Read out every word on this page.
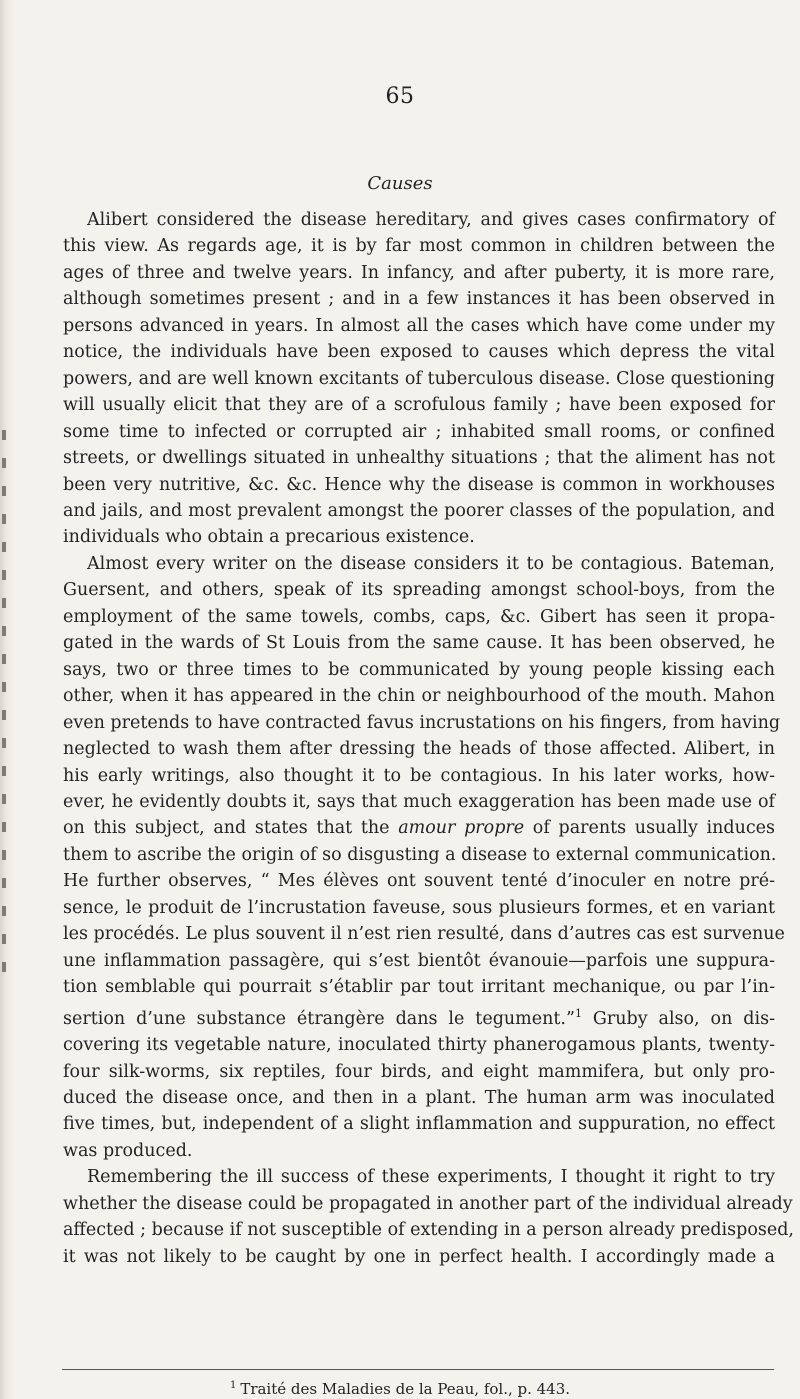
65
Causes
Alibert considered the disease hereditary, and gives cases confirmatory of
this view. As regards age, it is by far most common in children between the
ages of three and twelve years. In infancy, and after puberty, it is more rare,
although sometimes present ; and in a few instances it has been observed in
persons advanced in years. In almost all the cases which have come under my
notice, the individuals have been exposed to causes which depress the vital
powers, and are well known excitants of tuberculous disease. Close questioning
will usually elicit that they are of a scrofulous family ; have been exposed for
some time to infected or corrupted air ; inhabited small rooms, or confined
streets, or dwellings situated in unhealthy situations ; that the aliment has not
been very nutritive, &c. &c. Hence why the disease is common in workhouses
and jails, and most prevalent amongst the poorer classes of the population, and
individuals who obtain a precarious existence.
Almost every writer on the disease considers it to be contagious. Bateman,
Guersent, and others, speak of its spreading amongst school-boys, from the
employment of the same towels, combs, caps, &c. Gibert has seen it propa-
gated in the wards of St Louis from the same cause. It has been observed, he
says, two or three times to be communicated by young people kissing each
other, when it has appeared in the chin or neighbourhood of the mouth. Mahon
even pretends to have contracted favus incrustations on his fingers, from having
neglected to wash them after dressing the heads of those affected. Alibert, in
his early writings, also thought it to be contagious. In his later works, how-
ever, he evidently doubts it, says that much exaggeration has been made use of
on this subject, and states that the amour propre of parents usually induces
them to ascribe the origin of so disgusting a disease to external communication.
He further observes, “ Mes élèves ont souvent tenté d’inoculer en notre pré-
sence, le produit de l’incrustation faveuse, sous plusieurs formes, et en variant
les procédés. Le plus souvent il n’est rien resulté, dans d’autres cas est survenue
une inflammation passagère, qui s’est bientôt évanouie—parfois une suppura-
tion semblable qui pourrait s’établir par tout irritant mechanique, ou par l’in-
sertion d’une substance étrangère dans le tegument.”$^1$ Gruby also, on dis-
covering its vegetable nature, inoculated thirty phanerogamous plants, twenty-
four silk-worms, six reptiles, four birds, and eight mammifera, but only pro-
duced the disease once, and then in a plant. The human arm was inoculated
five times, but, independent of a slight inflammation and suppuration, no effect
was produced.
Remembering the ill success of these experiments, I thought it right to try
whether the disease could be propagated in another part of the individual already
affected ; because if not susceptible of extending in a person already predisposed,
it was not likely to be caught by one in perfect health. I accordingly made a
$^1$ Traité des Maladies de la Peau, fol., p. 443.
